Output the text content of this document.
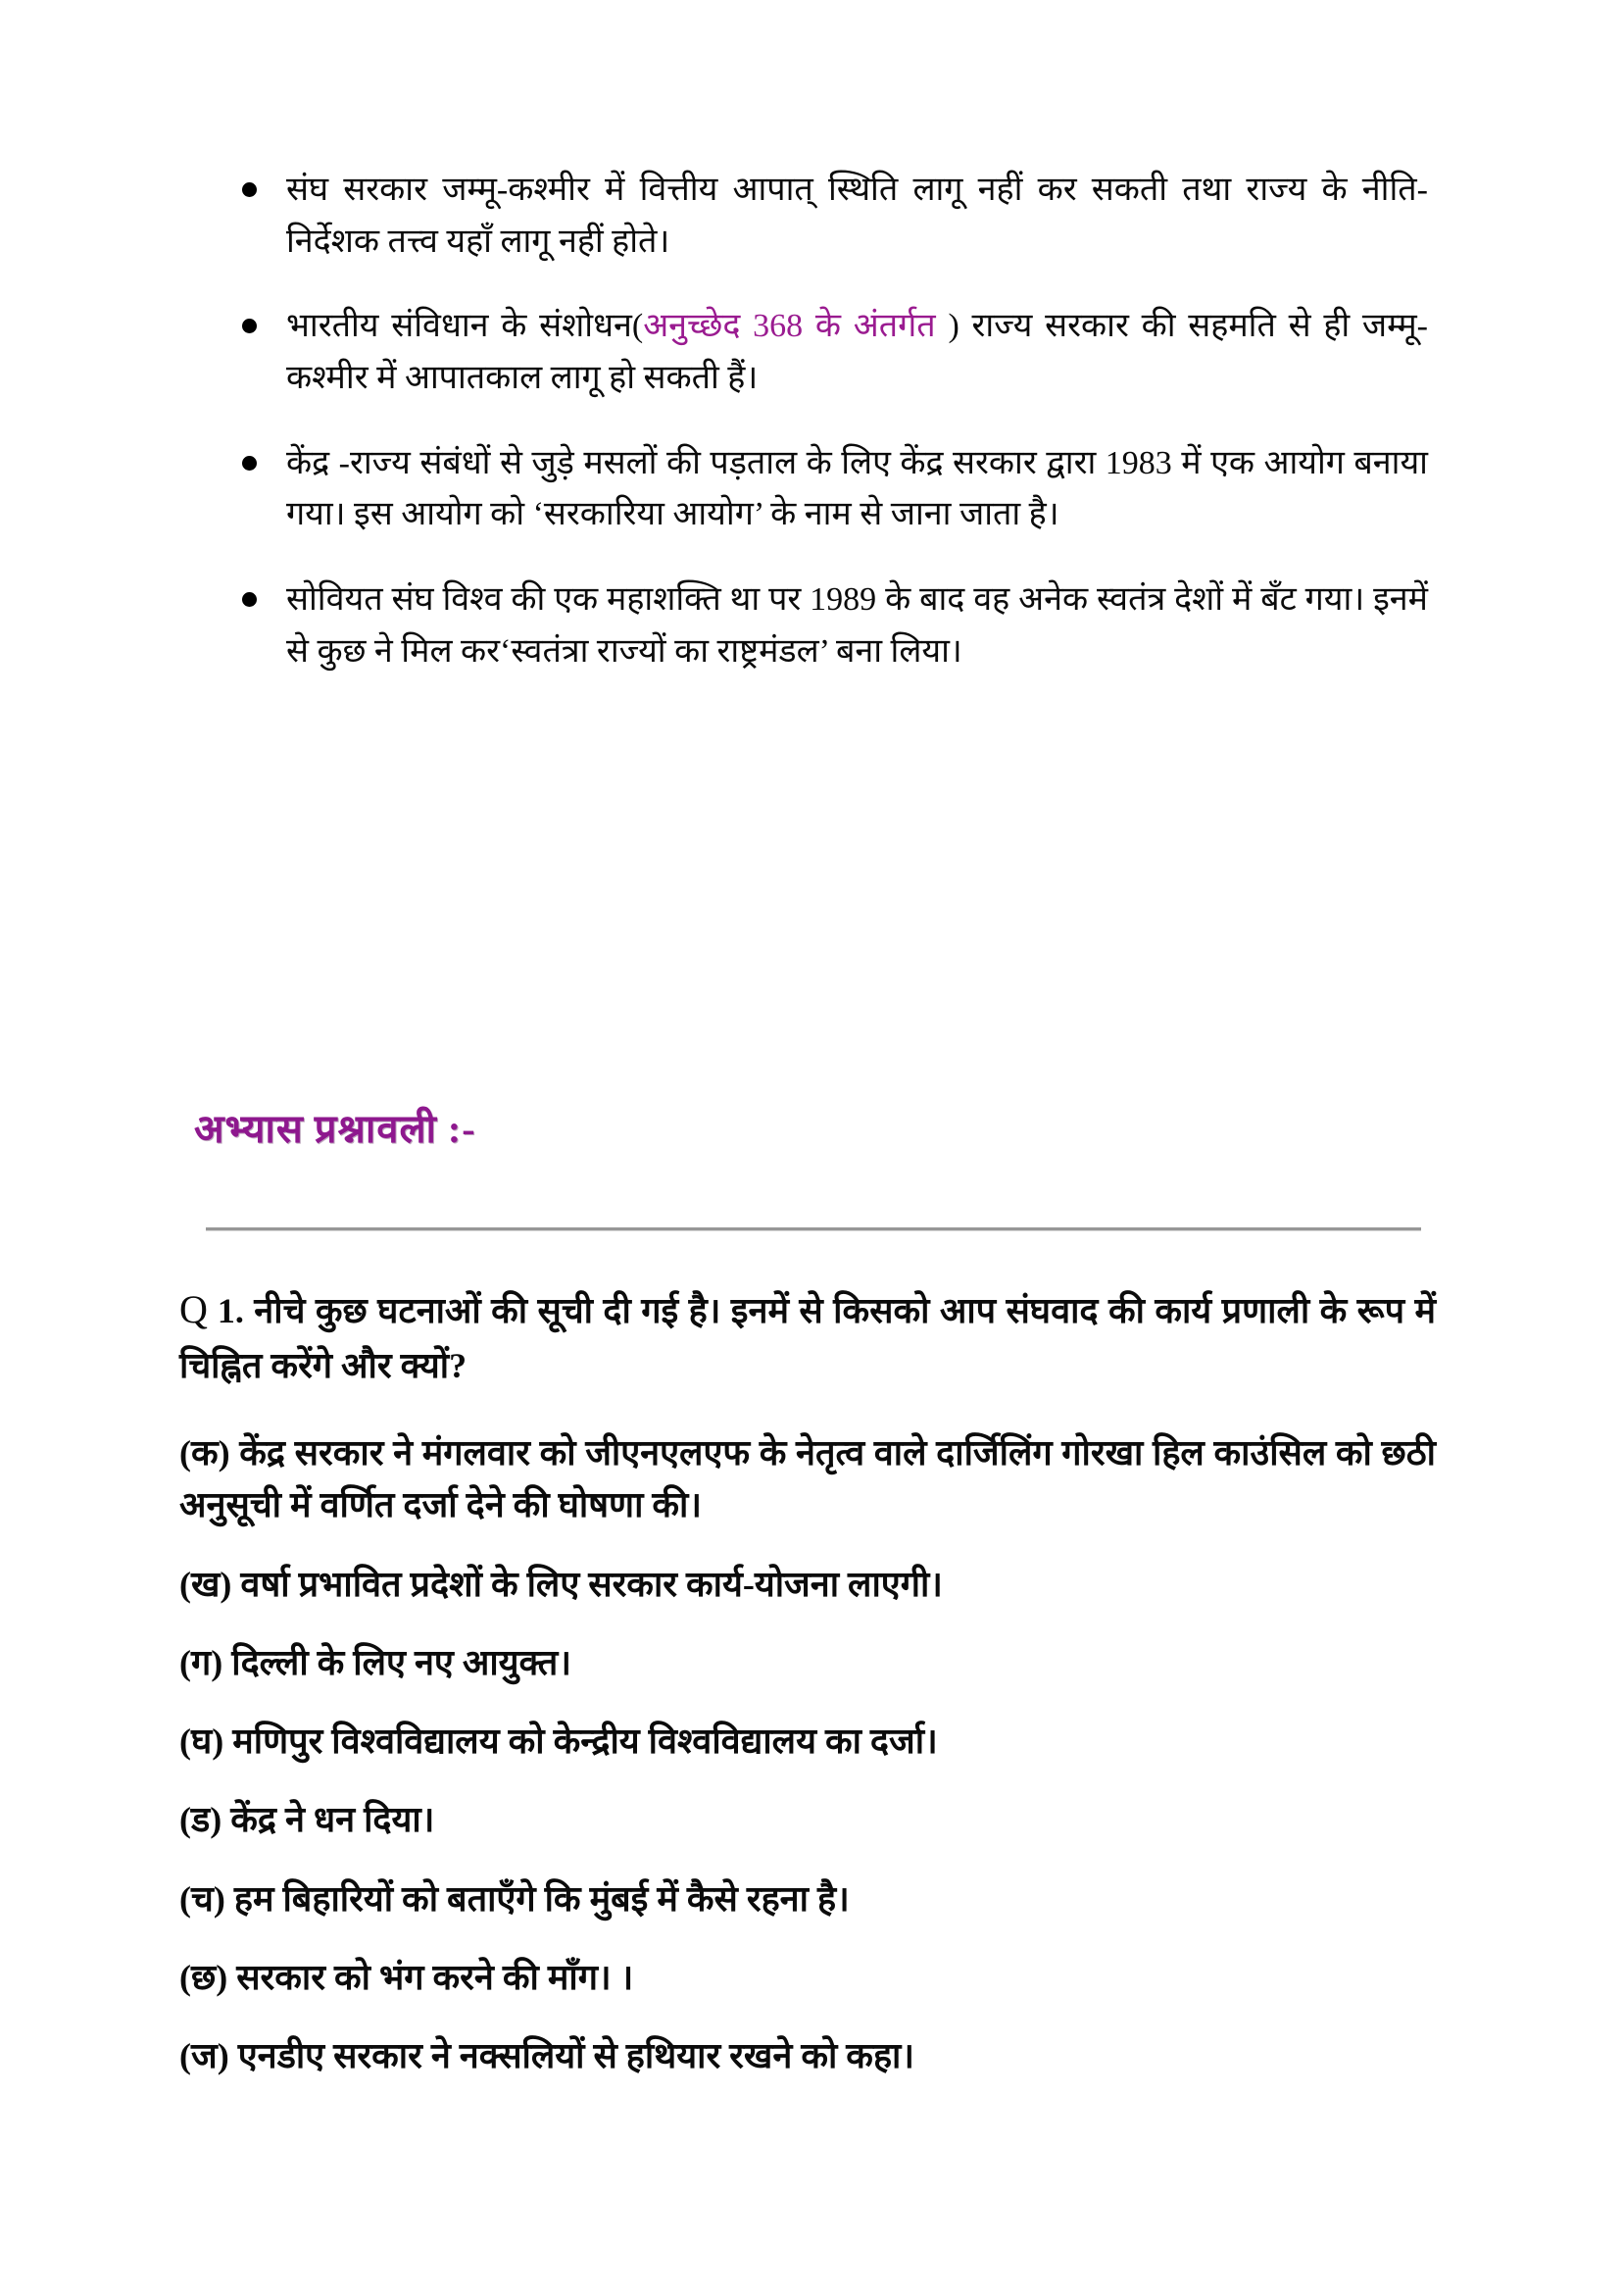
संघ सरकार जम्मू-कश्मीर में वित्तीय आपात् स्थिति लागू नहीं कर सकती तथा राज्य के नीति-निर्देशक तत्त्व यहाँ लागू नहीं होते।
भारतीय संविधान के संशोधन(अनुच्छेद 368 के अंतर्गत ) राज्य सरकार की सहमति से ही जम्मू-कश्मीर में आपातकाल लागू हो सकती हैं।
केंद्र -राज्य संबंधों से जुड़े मसलों की पड़ताल के लिए केंद्र सरकार द्वारा 1983 में एक आयोग बनाया गया। इस आयोग को ‘सरकारिया आयोग’ के नाम से जाना जाता है।
सोवियत संघ विश्व की एक महाशक्ति था पर 1989 के बाद वह अनेक स्वतंत्र देशों में बँट गया। इनमें से कुछ ने मिल कर‘स्वतंत्रा राज्यों का राष्ट्रमंडल’ बना लिया।
अभ्यास प्रश्नावली :-

Q 1. नीचे कुछ घटनाओं की सूची दी गई है। इनमें से किसको आप संघवाद की कार्य प्रणाली के रूप में चिह्नित करेंगे और क्यों?

(क) केंद्र सरकार ने मंगलवार को जीएनएलएफ के नेतृत्व वाले दार्जिलिंग गोरखा हिल काउंसिल को छठी अनुसूची में वर्णित दर्जा देने की घोषणा की।
(ख) वर्षा प्रभावित प्रदेशों के लिए सरकार कार्य-योजना लाएगी।
(ग) दिल्ली के लिए नए आयुक्त।
(घ) मणिपुर विश्वविद्यालय को केन्द्रीय विश्वविद्यालय का दर्जा।
(ड) केंद्र ने धन दिया।
(च) हम बिहारियों को बताएँगे कि मुंबई में कैसे रहना है।
(छ) सरकार को भंग करने की माँग। ।
(ज) एनडीए सरकार ने नक्सलियों से हथियार रखने को कहा।
